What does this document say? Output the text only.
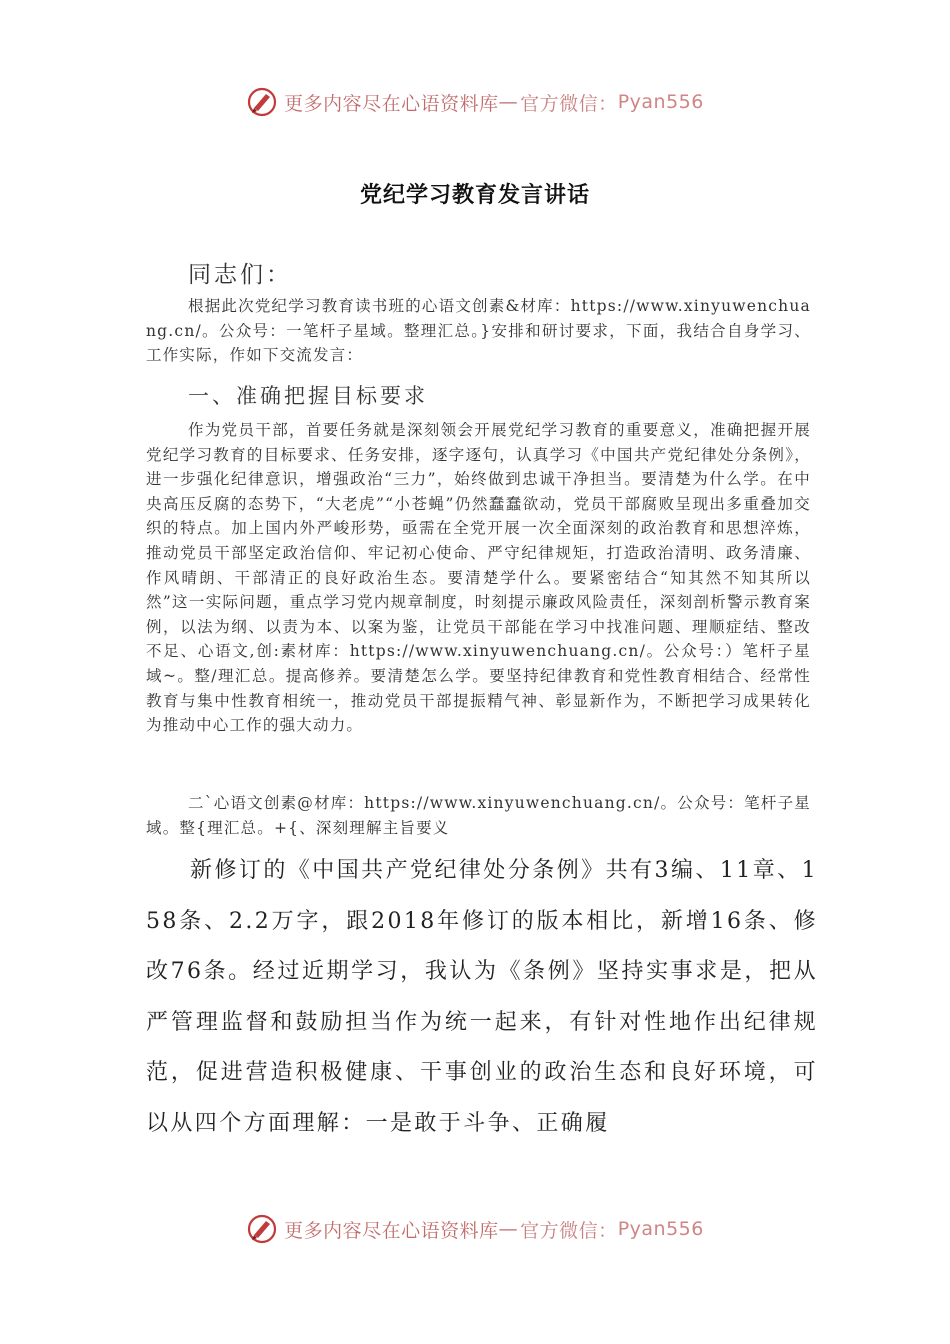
更多内容尽在心语资料库 — 官方微信： Pyan556
党纪学习教育发言讲话
同志们：
根据此次党纪学习教育读书班的心语文创素&材库：https://www.xinyuwenchuang.cn/。公众号：一笔杆子星域。整理汇总。}安排和研讨要求，下面，我结合自身学习、工作实际，作如下交流发言：
一、准确把握目标要求
作为党员干部，首要任务就是深刻领会开展党纪学习教育的重要意义，准确把握开展党纪学习教育的目标要求、任务安排，逐字逐句，认真学习《中国共产党纪律处分条例》，进一步强化纪律意识，增强政治“三力”，始终做到忠诚干净担当。要清楚为什么学。在中央高压反腐的态势下，“大老虎”“小苍蝇”仍然蠢蠢欲动，党员干部腐败呈现出多重叠加交织的特点。加上国内外严峻形势，亟需在全党开展一次全面深刻的政治教育和思想淬炼，推动党员干部坚定政治信仰、牢记初心使命、严守纪律规矩，打造政治清明、政务清廉、作风晴朗、干部清正的良好政治生态。要清楚学什么。要紧密结合“知其然不知其所以然”这一实际问题，重点学习党内规章制度，时刻提示廉政风险责任，深刻剖析警示教育案例，以法为纲、以责为本、以案为鉴，让党员干部能在学习中找准问题、理顺症结、整改不足、心语文,创:素材库：https://www.xinyuwenchuang.cn/。公众号：）笔杆子星域~。整/理汇总。提高修养。要清楚怎么学。要坚持纪律教育和党性教育相结合、经常性教育与集中性教育相统一，推动党员干部提振精气神、彰显新作为，不断把学习成果转化为推动中心工作的强大动力。
二`心语文创素@材库：https://www.xinyuwenchuang.cn/。公众号：笔杆子星域。整{理汇总。+{、深刻理解主旨要义
新修订的《中国共产党纪律处分条例》共有3编、11章、158条、2.2万字，跟2018年修订的版本相比，新增16条、修改76条。经过近期学习，我认为《条例》坚持实事求是，把从严管理监督和鼓励担当作为统一起来，有针对性地作出纪律规范，促进营造积极健康、干事创业的政治生态和良好环境，可以从四个方面理解：一是敢于斗争、正确履
更多内容尽在心语资料库 — 官方微信： Pyan556
